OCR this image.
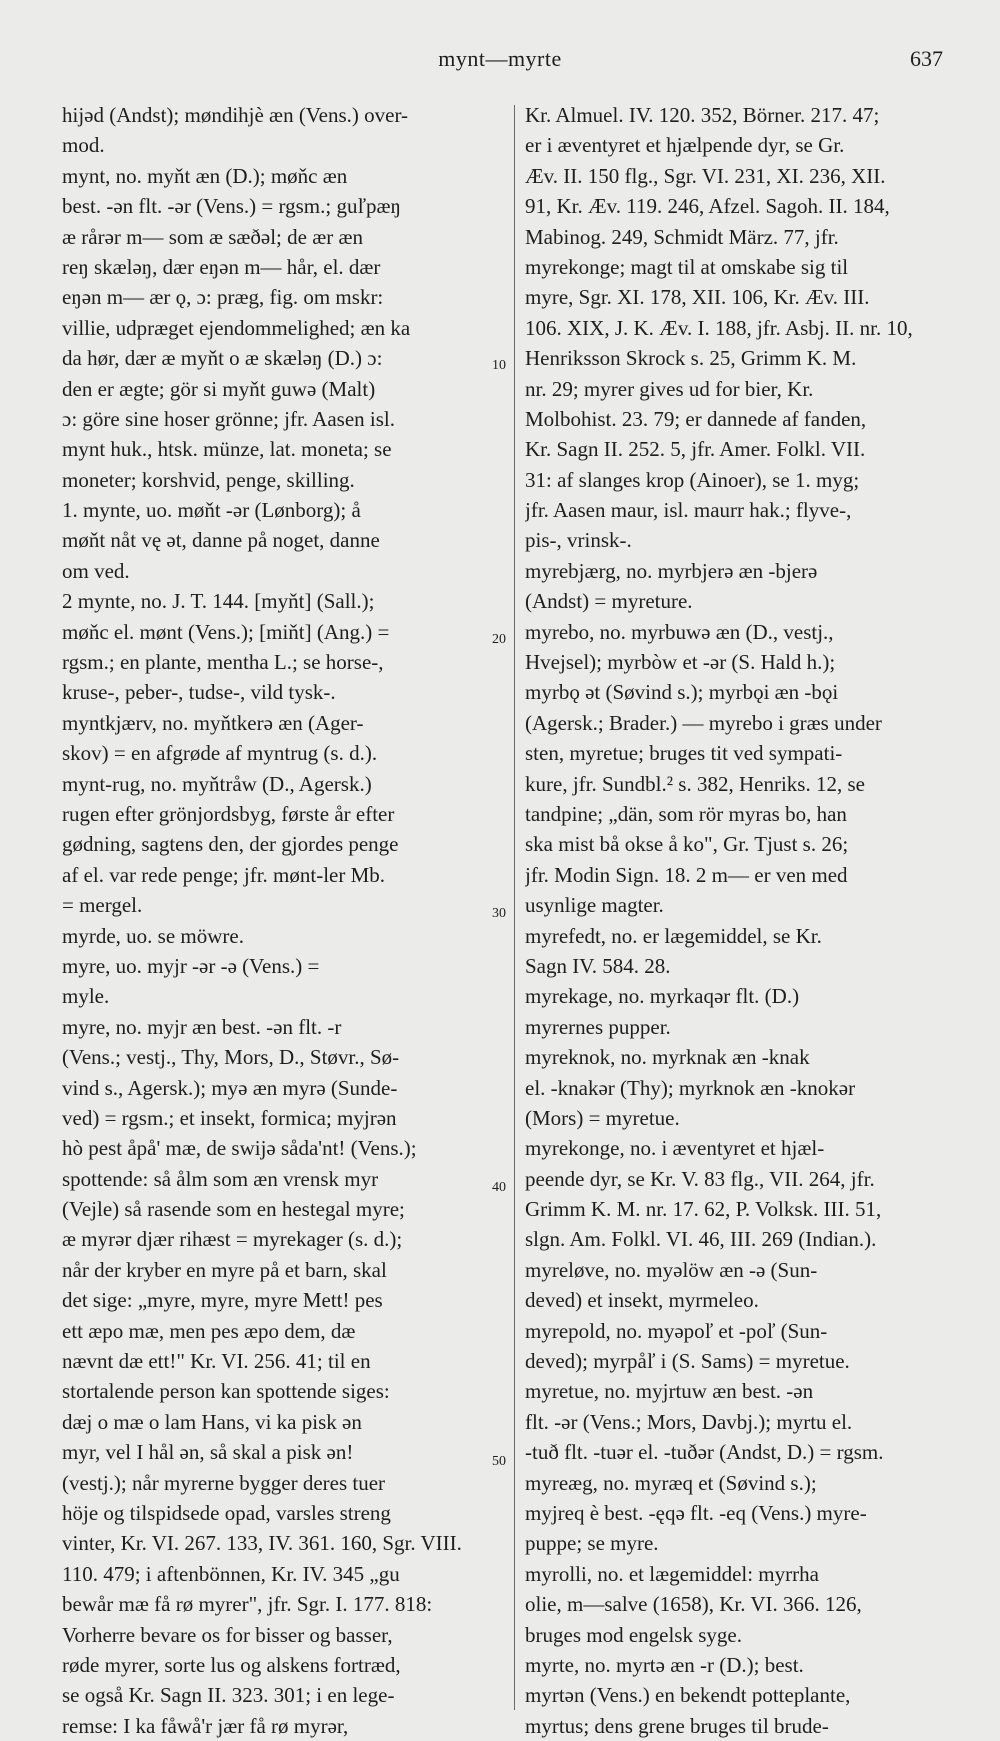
mynt—myrte	637
hijəd (Andst); møndihjè æn (Vens.) over-
mod.
mynt, no. myňt æn (D.); møňc æn
best. -ən flt. -ər (Vens.) = rgsm.; guľpæŋ
æ rårər m— som æ sæðəl; de ær æn
reŋ skæləŋ, dær eŋən m— hår, el. dær
eŋən m— ær ǫ, ɔ: præg, fig. om mskr:
villie, udpræget ejendommelighed; æn ka
da hør, dær æ myňt o æ skæləŋ (D.) ɔ:
den er ægte; gör si myňt guwə (Malt)
ɔ: göre sine hoser grönne; jfr. Aasen isl.
mynt huk., htsk. münze, lat. moneta; se
moneter; korshvid, penge, skilling.
1. mynte, uo. møňt -ər (Lønborg); å
møňt nåt vę ət, danne på noget, danne
om ved.
2 mynte, no. J. T. 144. [myňt] (Sall.);
møňc el. mønt (Vens.); [miňt] (Ang.) =
rgsm.; en plante, mentha L.; se horse-,
kruse-, peber-, tudse-, vild tysk-.
myntkjærv, no. myňtkerə æn (Ager-
skov) = en afgrøde af myntrug (s. d.).
mynt-rug, no. myňtråw (D., Agersk.)
rugen efter grönjordsbyg, første år efter
gødning, sagtens den, der gjordes penge
af el. var rede penge; jfr. mønt-ler Mb.
= mergel.
myrde, uo. se möwre.
myre, uo. myjr -ər -ə (Vens.) =
myle.
myre, no. myjr æn best. -ən flt. -r
(Vens.; vestj., Thy, Mors, D., Støvr., Sø-
vind s., Agersk.); myə æn myrə (Sunde-
ved) = rgsm.; et insekt, formica; myjrən
hò pest åpå' mæ, de swijə såda'nt! (Vens.);
spottende: så ålm som æn vrensk myr
(Vejle) så rasende som en hestegal myre;
æ myrər djær rihæst = myrekager (s. d.);
når der kryber en myre på et barn, skal
det sige: „myre, myre, myre Mett! pes
ett æpo mæ, men pes æpo dem, dæ
nævnt dæ ett!" Kr. VI. 256. 41; til en
stortalende person kan spottende siges:
dæj o mæ o lam Hans, vi ka pisk ən
myr, vel I hål ən, så skal a pisk ən!
(vestj.); når myrerne bygger deres tuer
höje og tilspidsede opad, varsles streng
vinter, Kr. VI. 267. 133, IV. 361. 160, Sgr. VIII.
110. 479; i aftenbönnen, Kr. IV. 345 „gu
bewår mæ få rø myrer", jfr. Sgr. I. 177. 818:
Vorherre bevare os for bisser og basser,
røde myrer, sorte lus og alskens fortræd,
se også Kr. Sagn II. 323. 301; i en lege-
remse: I ka fåwå'r jær få rø myrər,
Kr. Almuel. IV. 120. 352, Börner. 217. 47;
er i æventyret et hjælpende dyr, se Gr.
Æv. II. 150 flg., Sgr. VI. 231, XI. 236, XII.
91, Kr. Æv. 119. 246, Afzel. Sagoh. II. 184,
Mabinog. 249, Schmidt März. 77, jfr.
myrekonge; magt til at omskabe sig til
myre, Sgr. XI. 178, XII. 106, Kr. Æv. III.
106. XIX, J. K. Æv. I. 188, jfr. Asbj. II. nr. 10,
Henriksson Skrock s. 25, Grimm K. M.
nr. 29; myrer gives ud for bier, Kr.
Molbohist. 23. 79; er dannede af fanden,
Kr. Sagn II. 252. 5, jfr. Amer. Folkl. VII.
31: af slanges krop (Ainoer), se 1. myg;
jfr. Aasen maur, isl. maurr hak.; flyve-,
pis-, vrinsk-.
myrebjærg, no. myrbjerə æn -bjerə
(Andst) = myreture.
myrebo, no. myrbuwə æn (D., vestj.,
Hvejsel); myrbòw et -ər (S. Hald h.);
myrbǫ ət (Søvind s.); myrbǫi æn -bǫi
(Agersk.; Brader.) — myrebo i græs under
sten, myretue; bruges tit ved sympati-
kure, jfr. Sundbl.² s. 382, Henriks. 12, se
tandpine; „dän, som rör myras bo, han
ska mist bå okse å ko", Gr. Tjust s. 26;
jfr. Modin Sign. 18. 2 m— er ven med
usynlige magter.
myrefedt, no. er lægemiddel, se Kr.
Sagn IV. 584. 28.
myrekage, no. myrkaqər flt. (D.)
myrernes pupper.
myreknok, no. myrknak æn -knak
el. -knakər (Thy); myrknok æn -knokər
(Mors) = myretue.
myrekonge, no. i æventyret et hjæl-
peende dyr, se Kr. V. 83 flg., VII. 264, jfr.
Grimm K. M. nr. 17. 62, P. Volksk. III. 51,
slgn. Am. Folkl. VI. 46, III. 269 (Indian.).
myreløve, no. myəlöw æn -ə (Sun-
deved) et insekt, myrmeleo.
myrepold, no. myəpoľ et -poľ (Sun-
deved); myrpåľ i (S. Sams) = myretue.
myretue, no. myjrtuw æn best. -ən
flt. -ər (Vens.; Mors, Davbj.); myrtu el.
-tuð flt. -tuər el. -tuðər (Andst, D.) = rgsm.
myreæg, no. myræq et (Søvind s.);
myjreq è best. -ęqə flt. -eq (Vens.) myre-
puppe; se myre.
myrolli, no. et lægemiddel: myrrha
olie, m—salve (1658), Kr. VI. 366. 126,
bruges mod engelsk syge.
myrte, no. myrtə æn -r (D.); best.
myrtən (Vens.) en bekendt potteplante,
myrtus; dens grene bruges til brude-
10
20
30
40
50
